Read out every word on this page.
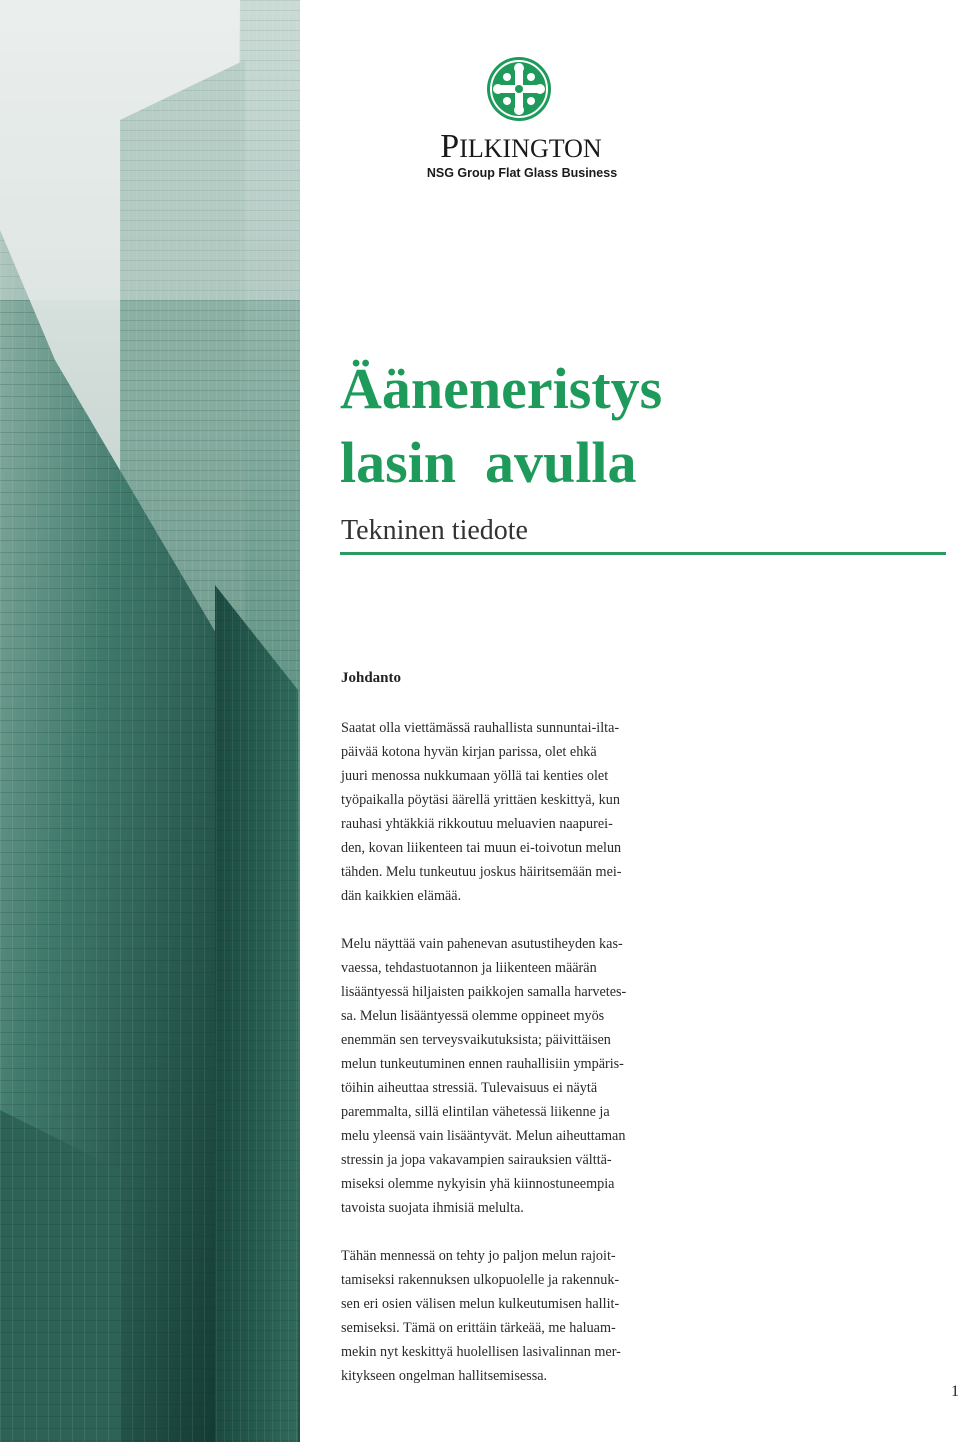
PILKINGTON
NSG Group Flat Glass Business
Ääneneristys
lasin  avulla
Tekninen tiedote
Johdanto

Saatat olla viettämässä rauhallista sunnuntai-ilta-
päivää kotona hyvän kirjan parissa, olet ehkä
juuri menossa nukkumaan yöllä tai kenties olet
työpaikalla pöytäsi äärellä yrittäen keskittyä, kun
rauhasi yhtäkkiä rikkoutuu meluavien naapurei-
den, kovan liikenteen tai muun ei-toivotun melun
tähden. Melu tunkeutuu joskus häiritsemään mei-
dän kaikkien elämää.

Melu näyttää vain pahenevan asutustiheyden kas-
vaessa, tehdastuotannon ja liikenteen määrän
lisääntyessä hiljaisten paikkojen samalla harvetes-
sa. Melun lisääntyessä olemme oppineet myös
enemmän sen terveysvaikutuksista; päivittäisen
melun tunkeutuminen ennen rauhallisiin ympäris-
töihin aiheuttaa stressiä. Tulevaisuus ei näytä
paremmalta, sillä elintilan vähetessä liikenne ja
melu yleensä vain lisääntyvät. Melun aiheuttaman
stressin ja jopa vakavampien sairauksien välttä-
miseksi olemme nykyisin yhä kiinnostuneempia
tavoista suojata ihmisiä melulta.

Tähän mennessä on tehty jo paljon melun rajoit-
tamiseksi rakennuksen ulkopuolelle ja rakennuk-
sen eri osien välisen melun kulkeutumisen hallit-
semiseksi. Tämä on erittäin tärkeää, me haluam-
mekin nyt keskittyä huolellisen lasivalinnan mer-
kitykseen ongelman hallitsemisessa.

1
